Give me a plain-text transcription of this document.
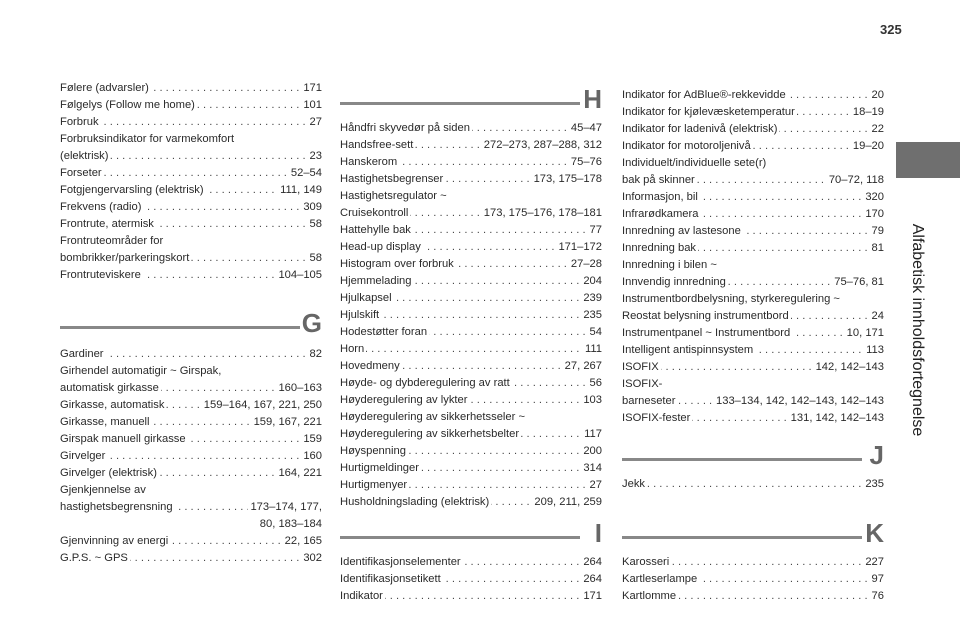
325
Alfabetisk innholdsfortegnelse
Følere (advarsler)	171
. . .
Følgelys (Follow me home)	101
. . .
Forbruk	27
. . .
Forbruksindikator for varmekomfort
(elektrisk)	23
. . .
Forseter	52–54
. . .
Fotgjengervarsling (elektrisk)	111, 149
. . .
Frekvens (radio)	309
. . .
Frontrute, atermisk	58
. . .
Frontruteområder for
bombrikker/parkeringskort	58
. . .
Frontruteviskere	104–105
. . .
G
Gardiner	82
. . .
Girhendel automatigir ~ Girspak,
automatisk girkasse	160–163
. . .
Girkasse, automatisk	159–164, 167, 221, 250
. . .
Girkasse, manuell	159, 167, 221
. . .
Girspak manuell girkasse	159
. . .
Girvelger	160
. . .
Girvelger (elektrisk)	164, 221
. . .
Gjenkjennelse av
hastighetsbegrensning	173–174, 177,
. . .
80, 183–184
Gjenvinning av energi	22, 165
. . .
G.P.S. ~ GPS	302
. . .
H
Håndfri skyvedør på siden	45–47
. . .
Handsfree-sett	272–273, 287–288, 312
. . .
Hanskerom	75–76
. . .
Hastighetsbegrenser	173, 175–178
. . .
Hastighetsregulator ~
Cruisekontroll	173, 175–176, 178–181
. . .
Hattehylle bak	77
. . .
Head-up display	171–172
. . .
Histogram over forbruk	27–28
. . .
Hjemmelading	204
. . .
Hjulkapsel	239
. . .
Hjulskift	235
. . .
Hodestøtter foran	54
. . .
Horn	111
. . .
Hovedmeny	27, 267
. . .
Høyde- og dybderegulering av ratt	56
. . .
Høyderegulering av lykter	103
. . .
Høyderegulering av sikkerhetsseler ~
Høyderegulering av sikkerhetsbelter	117
. . .
Høyspenning	200
. . .
Hurtigmeldinger	314
. . .
Hurtigmenyer	27
. . .
Husholdningslading (elektrisk)	209, 211, 259
. . .
I
Identifikasjonselementer	264
. . .
Identifikasjonsetikett	264
. . .
Indikator	171
. . .
Indikator for AdBlue®-rekkevidde	20
. . .
Indikator for kjølevæsketemperatur	18–19
. . .
Indikator for ladenivå (elektrisk)	22
. . .
Indikator for motoroljenivå	19–20
. . .
Individuelt/individuelle sete(r)
bak på skinner	70–72, 118
. . .
Informasjon, bil	320
. . .
Infrarødkamera	170
. . .
Innredning av lastesone	79
. . .
Innredning bak	81
. . .
Innredning i bilen ~
Innvendig innredning	75–76, 81
. . .
Instrumentbordbelysning, styrkeregulering ~
Reostat belysning instrumentbord	24
. . .
Instrumentpanel ~ Instrumentbord	10, 171
. . .
Intelligent antispinnsystem	113
. . .
ISOFIX	142, 142–143
. . .
ISOFIX-
barneseter	133–134, 142, 142–143, 142–143
. . .
ISOFIX-fester	131, 142, 142–143
. . .
J
Jekk	235
. . .
K
Karosseri	227
. . .
Kartleserlampe	97
. . .
Kartlomme	76
. . .
